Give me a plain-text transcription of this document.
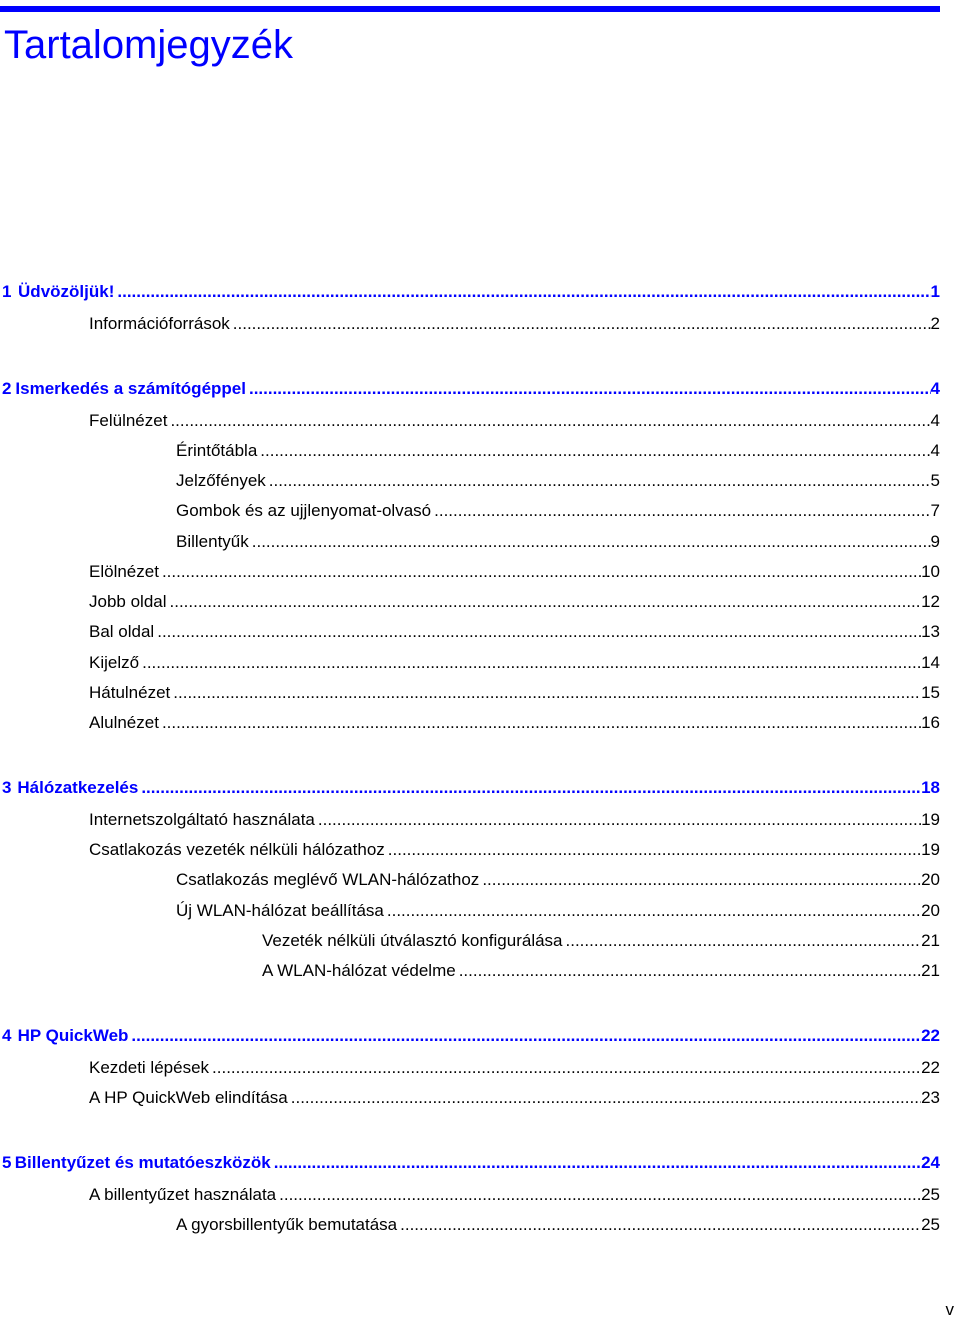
Tartalomjegyzék
1 Üdvözöljük! .....	1
Információforrások .....	2
2 Ismerkedés a számítógéppel .....	4
Felülnézet .....	4
Érintőtábla .....	4
Jelzőfények .....	5
Gombok és az ujjlenyomat-olvasó .....	7
Billentyűk .....	9
Elölnézet .....	10
Jobb oldal .....	12
Bal oldal .....	13
Kijelző .....	14
Hátulnézet .....	15
Alulnézet .....	16
3 Hálózatkezelés .....	18
Internetszolgáltató használata .....	19
Csatlakozás vezeték nélküli hálózathoz .....	19
Csatlakozás meglévő WLAN-hálózathoz .....	20
Új WLAN-hálózat beállítása .....	20
Vezeték nélküli útválasztó konfigurálása .....	21
A WLAN-hálózat védelme .....	21
4 HP QuickWeb .....	22
Kezdeti lépések .....	22
A HP QuickWeb elindítása .....	23
5 Billentyűzet és mutatóeszközök .....	24
A billentyűzet használata .....	25
A gyorsbillentyűk bemutatása .....	25
v
